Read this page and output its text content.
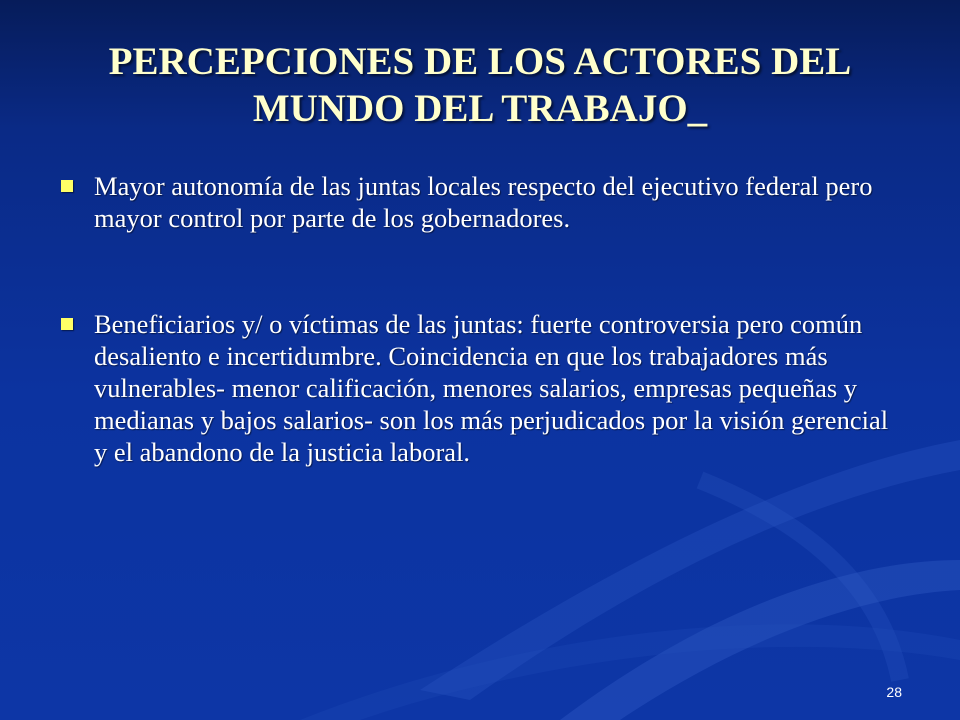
PERCEPCIONES DE LOS ACTORES DEL MUNDO DEL TRABAJO_
Mayor autonomía de las juntas locales respecto del ejecutivo federal pero mayor control por parte de los gobernadores.
Beneficiarios y/ o víctimas de las juntas: fuerte controversia pero común desaliento e incertidumbre. Coincidencia en que los trabajadores más vulnerables- menor calificación, menores salarios, empresas pequeñas y medianas y bajos salarios- son los más perjudicados por la visión gerencial y el abandono de la justicia laboral.
28
